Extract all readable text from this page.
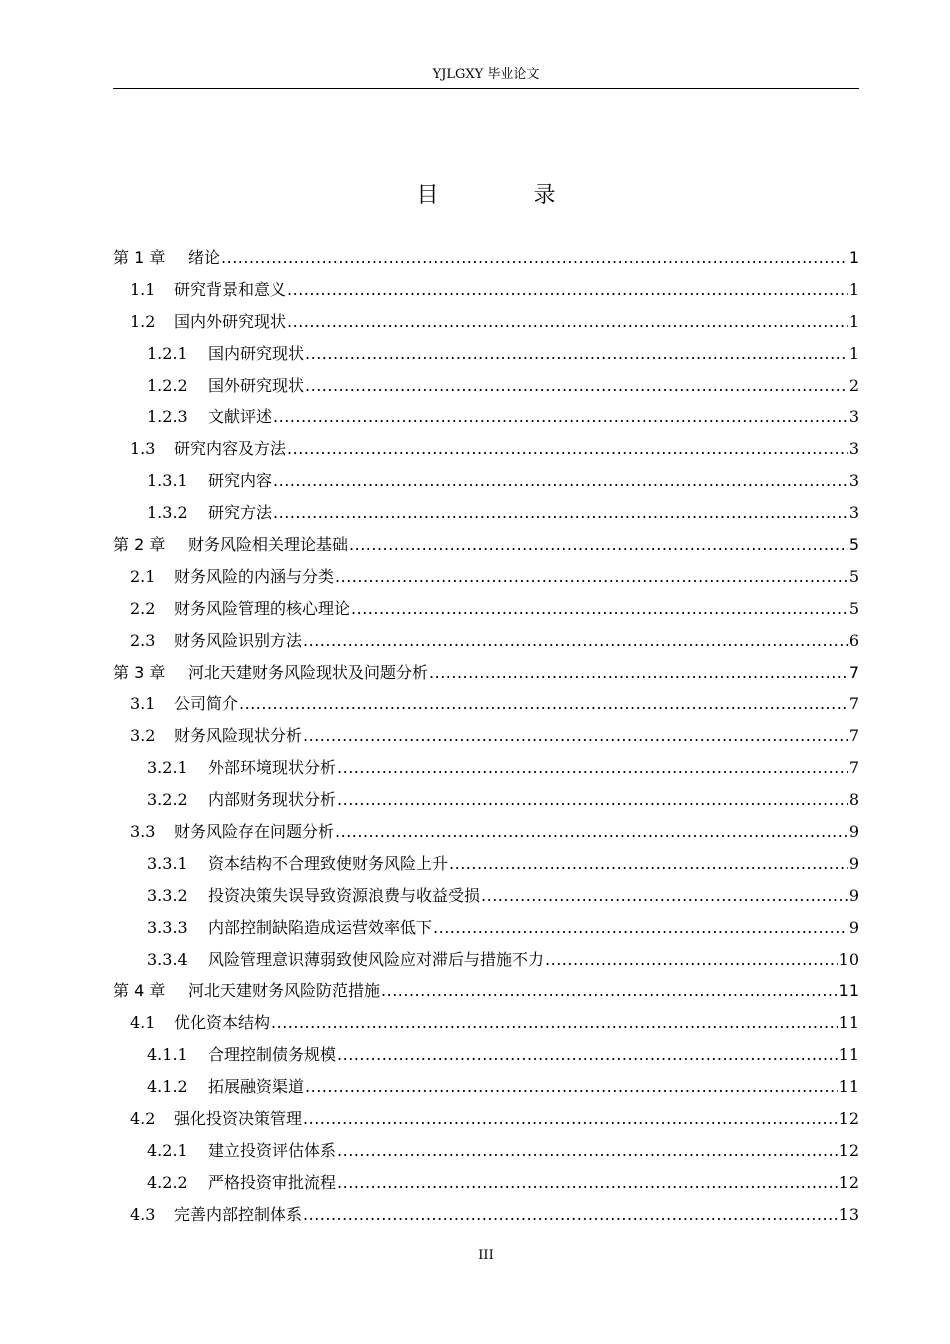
YJLGXY 毕业论文
目 录
第 1 章	绪论 .....	1
1.1	研究背景和意义 .....	1
1.2	国内外研究现状 .....	1
1.2.1	国内研究现状 .....	1
1.2.2	国外研究现状 .....	2
1.2.3	文献评述 .....	3
1.3	研究内容及方法 .....	3
1.3.1	研究内容 .....	3
1.3.2	研究方法 .....	3
第 2 章	财务风险相关理论基础 .....	5
2.1	财务风险的内涵与分类 .....	5
2.2	财务风险管理的核心理论 .....	5
2.3	财务风险识别方法 .....	6
第 3 章	河北天建财务风险现状及问题分析 .....	7
3.1	公司简介 .....	7
3.2	财务风险现状分析 .....	7
3.2.1	外部环境现状分析 .....	7
3.2.2	内部财务现状分析 .....	8
3.3	财务风险存在问题分析 .....	9
3.3.1	资本结构不合理致使财务风险上升 .....	9
3.3.2	投资决策失误导致资源浪费与收益受损 .....	9
3.3.3	内部控制缺陷造成运营效率低下 .....	9
3.3.4	风险管理意识薄弱致使风险应对滞后与措施不力 .....	10
第 4 章	河北天建财务风险防范措施 .....	11
4.1	优化资本结构 .....	11
4.1.1	合理控制债务规模 .....	11
4.1.2	拓展融资渠道 .....	11
4.2	强化投资决策管理 .....	12
4.2.1	建立投资评估体系 .....	12
4.2.2	严格投资审批流程 .....	12
4.3	完善内部控制体系 .....	13
III
